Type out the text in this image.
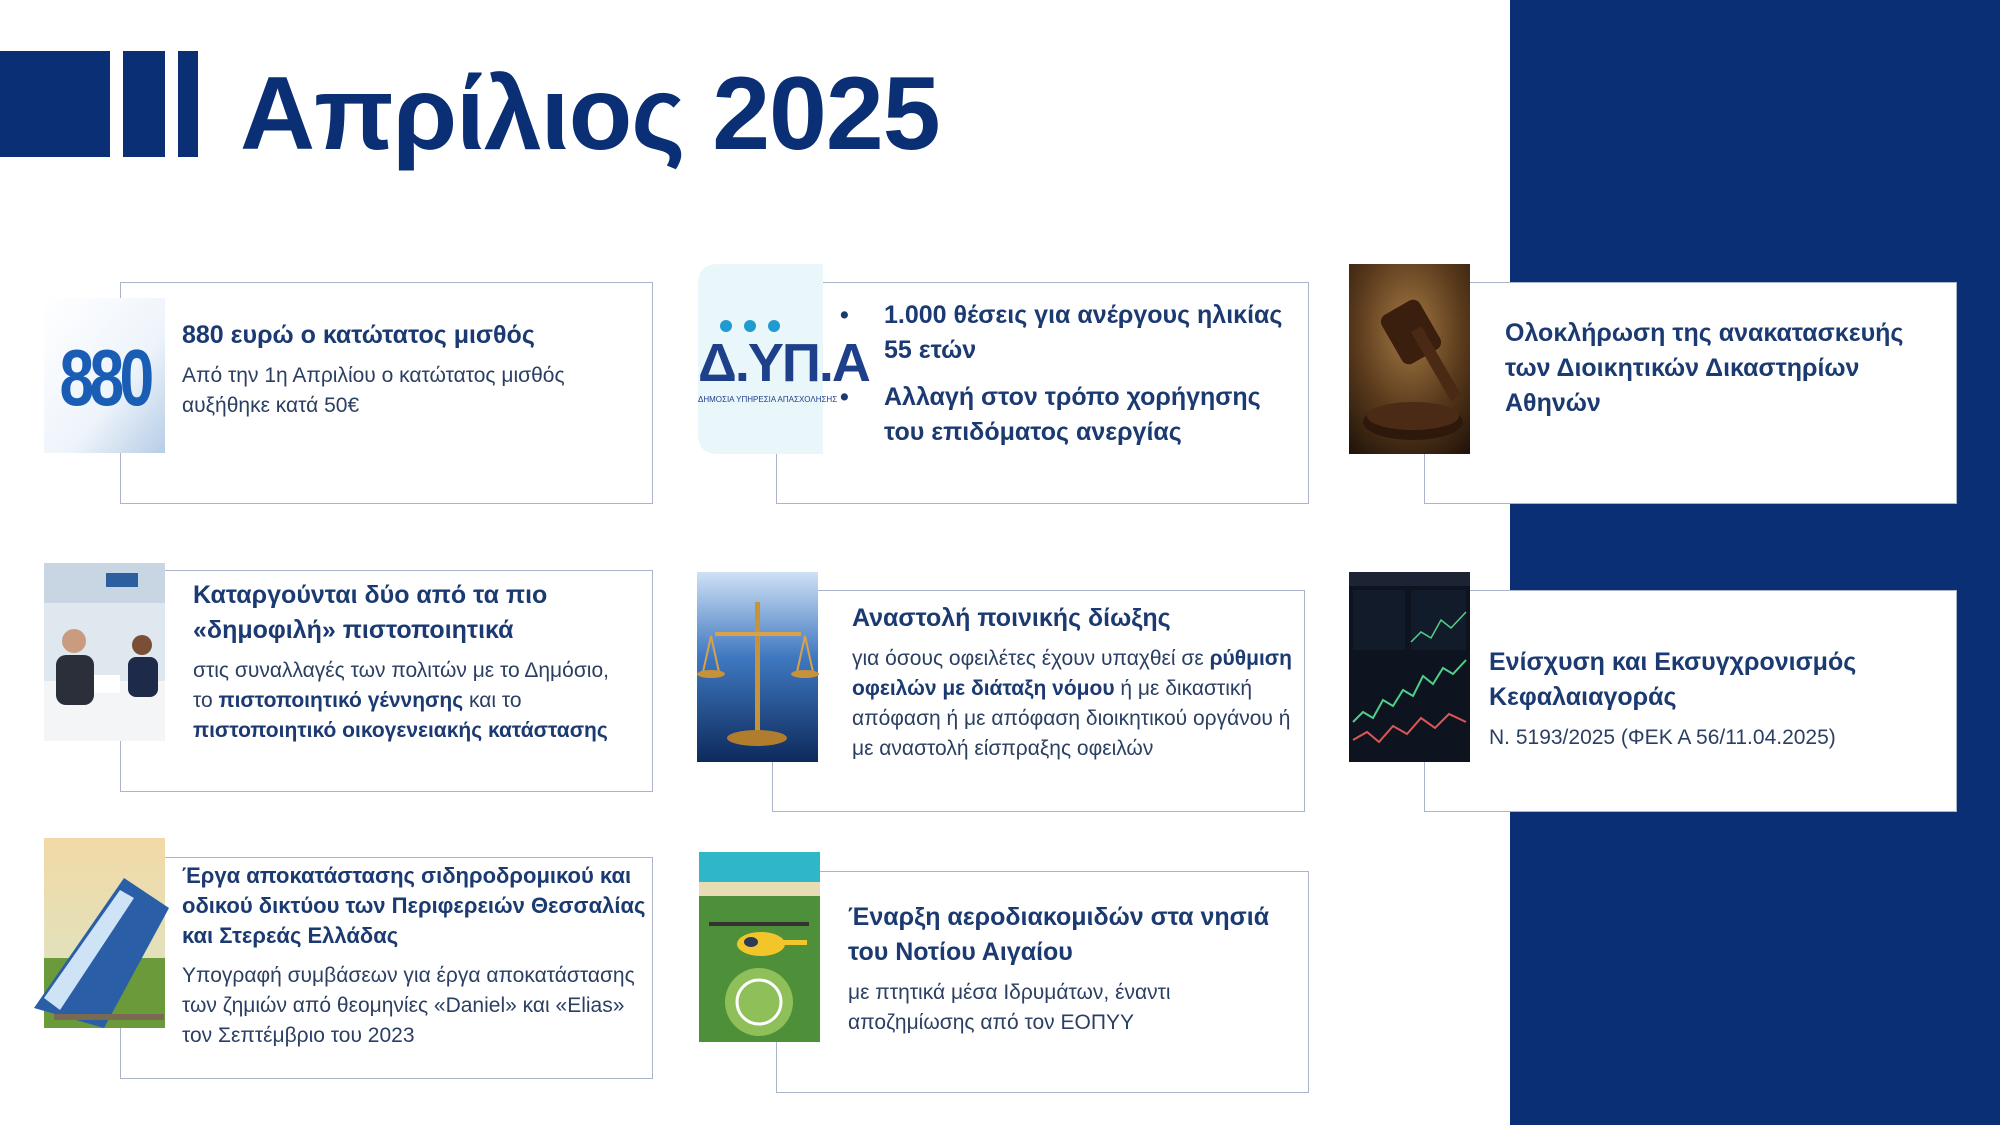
Απρίλιος 2025
880 880 ευρώ ο κατώτατος μισθός

Από την 1η Απριλίου ο κατώτατος μισθός αυξήθηκε κατά 50€

Δ.ΥΠ.Α
ΔΗΜΟΣΙΑ ΥΠΗΡΕΣΙΑ ΑΠΑΣΧΟΛΗΣΗΣ
• 1.000 θέσεις για ανέργους ηλικίας 55 ετών
• Αλλαγή στον τρόπο χορήγησης του επιδόματος ανεργίας

Ολοκλήρωση της ανακατασκευής των Διοικητικών Δικαστηρίων Αθηνών

Καταργούνται δύο από τα πιο «δημοφιλή» πιστοποιητικά

στις συναλλαγές των πολιτών με το Δημόσιο, το πιστοποιητικό γέννησης και το πιστοποιητικό οικογενειακής κατάστασης

Αναστολή ποινικής δίωξης

για όσους οφειλέτες έχουν υπαχθεί σε ρύθμιση οφειλών με διάταξη νόμου ή με δικαστική απόφαση ή με απόφαση διοικητικού οργάνου ή με αναστολή είσπραξης οφειλών

Ενίσχυση και Εκσυγχρονισμός Κεφαλαιαγοράς

Ν. 5193/2025 (ΦΕΚ Α 56/11.04.2025)

Έργα αποκατάστασης σιδηροδρομικού και οδικού δικτύου των Περιφερειών Θεσσαλίας και Στερεάς Ελλάδας

Υπογραφή συμβάσεων για έργα αποκατάστασης των ζημιών από θεομηνίες «Daniel» και «Elias» τον Σεπτέμβριο του 2023

Έναρξη αεροδιακομιδών στα νησιά του Νοτίου Αιγαίου

με πτητικά μέσα Ιδρυμάτων, έναντι αποζημίωσης από τον ΕΟΠΥΥ
